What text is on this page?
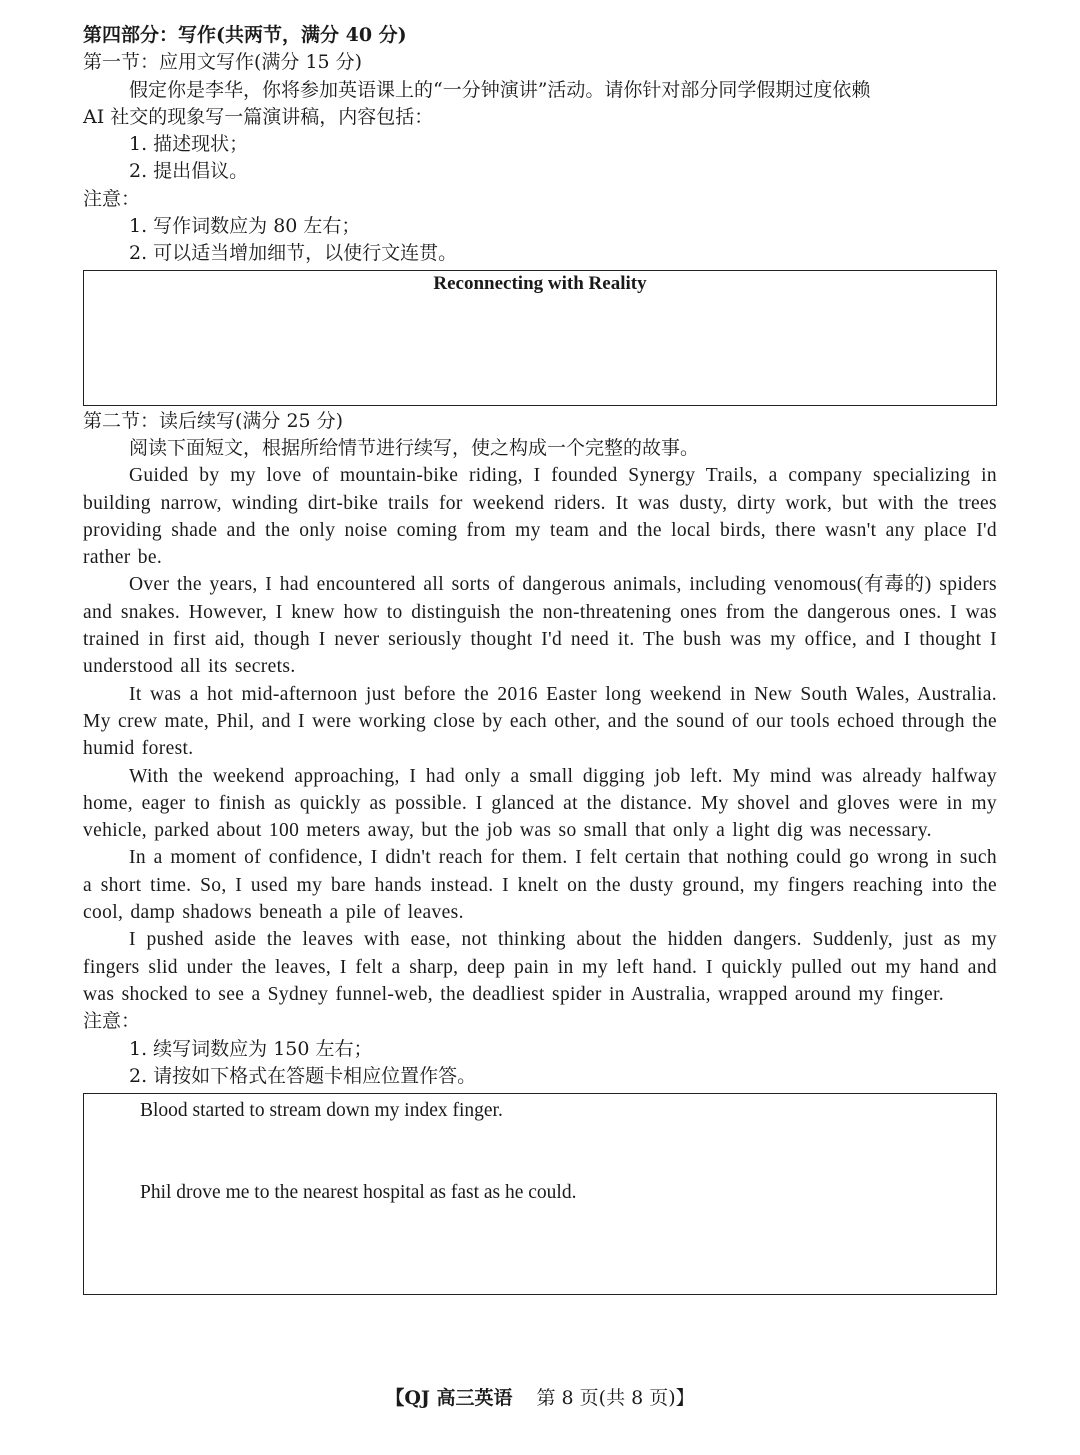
第四部分：写作(共两节，满分 40 分)
第一节：应用文写作(满分 15 分)
假定你是李华，你将参加英语课上的“一分钟演讲”活动。请你针对部分同学假期过度依赖
AI 社交的现象写一篇演讲稿，内容包括：
1. 描述现状；
2. 提出倡议。
注意：
1. 写作词数应为 80 左右；
2. 可以适当增加细节，以使行文连贯。
Reconnecting with Reality
第二节：读后续写(满分 25 分)
阅读下面短文，根据所给情节进行续写，使之构成一个完整的故事。

Guided by my love of mountain-bike riding, I founded Synergy Trails, a company specializing in building narrow, winding dirt-bike trails for weekend riders. It was dusty, dirty work, but with the trees providing shade and the only noise coming from my team and the local birds, there wasn't any place I'd rather be.

Over the years, I had encountered all sorts of dangerous animals, including venomous(有毒的) spiders and snakes. However, I knew how to distinguish the non-threatening ones from the dangerous ones. I was trained in first aid, though I never seriously thought I'd need it. The bush was my office, and I thought I understood all its secrets.

It was a hot mid-afternoon just before the 2016 Easter long weekend in New South Wales, Australia. My crew mate, Phil, and I were working close by each other, and the sound of our tools echoed through the humid forest.

With the weekend approaching, I had only a small digging job left. My mind was already halfway home, eager to finish as quickly as possible. I glanced at the distance. My shovel and gloves were in my vehicle, parked about 100 meters away, but the job was so small that only a light dig was necessary.

In a moment of confidence, I didn't reach for them. I felt certain that nothing could go wrong in such a short time. So, I used my bare hands instead. I knelt on the dusty ground, my fingers reaching into the cool, damp shadows beneath a pile of leaves.

I pushed aside the leaves with ease, not thinking about the hidden dangers. Suddenly, just as my fingers slid under the leaves, I felt a sharp, deep pain in my left hand. I quickly pulled out my hand and was shocked to see a Sydney funnel-web, the deadliest spider in Australia, wrapped around my finger.

注意：
1. 续写词数应为 150 左右；
2. 请按如下格式在答题卡相应位置作答。
Blood started to stream down my index finger.
Phil drove me to the nearest hospital as fast as he could.
【QJ 高三英语 第 8 页(共 8 页)】
